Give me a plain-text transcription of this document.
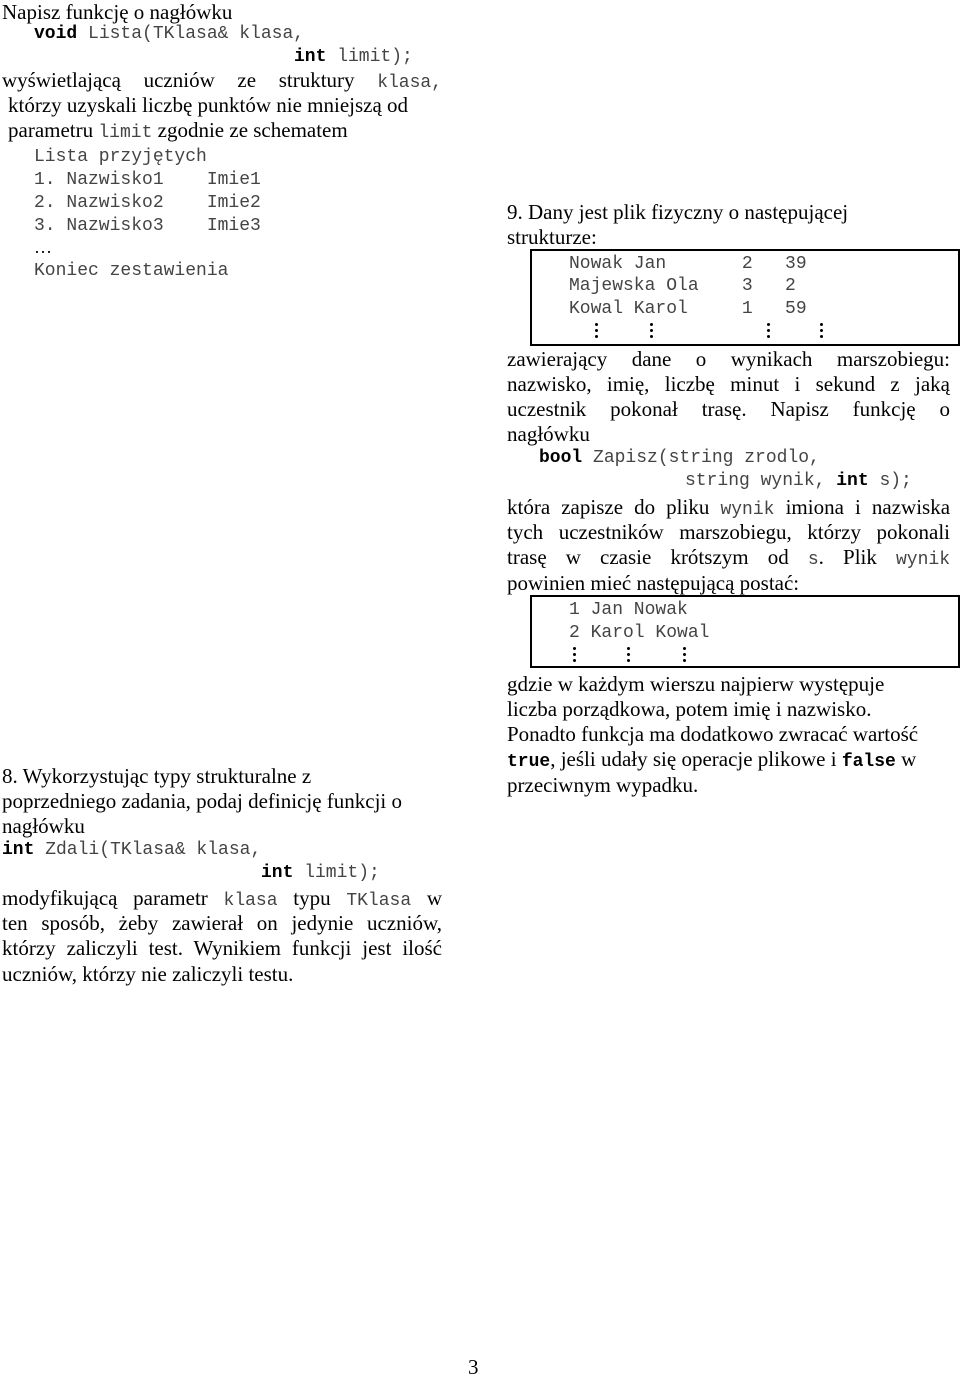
Napisz funkcję o nagłówku
void Lista(TKlasa& klasa,
int limit);
wyświetlającą uczniów ze struktury klasa,
którzy uzyskali liczbę punktów nie mniejszą od
parametru limit zgodnie ze schematem
Lista przyjętych
1. Nazwisko1    Imie1
2. Nazwisko2    Imie2
3. Nazwisko3    Imie3
…
Koniec zestawienia
8. Wykorzystując typy strukturalne z
poprzedniego zadania, podaj definicję funkcji o
nagłówku
int Zdali(TKlasa& klasa,
int limit);
modyfikującą parametr klasa typu TKlasa w
ten sposób, żeby zawierał on jedynie uczniów,
którzy zaliczyli test. Wynikiem funkcji jest ilość
uczniów, którzy nie zaliczyli testu.
9. Dany jest plik fizyczny o następującej
strukturze:
Nowak Jan       2   39
Majewska Ola    3   2
Kowal Karol     1   59
zawierający dane o wynikach marszobiegu:
nazwisko, imię, liczbę minut i sekund z jaką
uczestnik pokonał trasę. Napisz funkcję o
nagłówku
bool Zapisz(string zrodlo,
string wynik, int s);
która zapisze do pliku wynik imiona i nazwiska
tych uczestników marszobiegu, którzy pokonali
trasę w czasie krótszym od s. Plik wynik
powinien mieć następującą postać:
1 Jan Nowak
2 Karol Kowal
gdzie w każdym wierszu najpierw występuje
liczba porządkowa, potem imię i nazwisko.
Ponadto funkcja ma dodatkowo zwracać wartość
true, jeśli udały się operacje plikowe i false w
przeciwnym wypadku.
3
